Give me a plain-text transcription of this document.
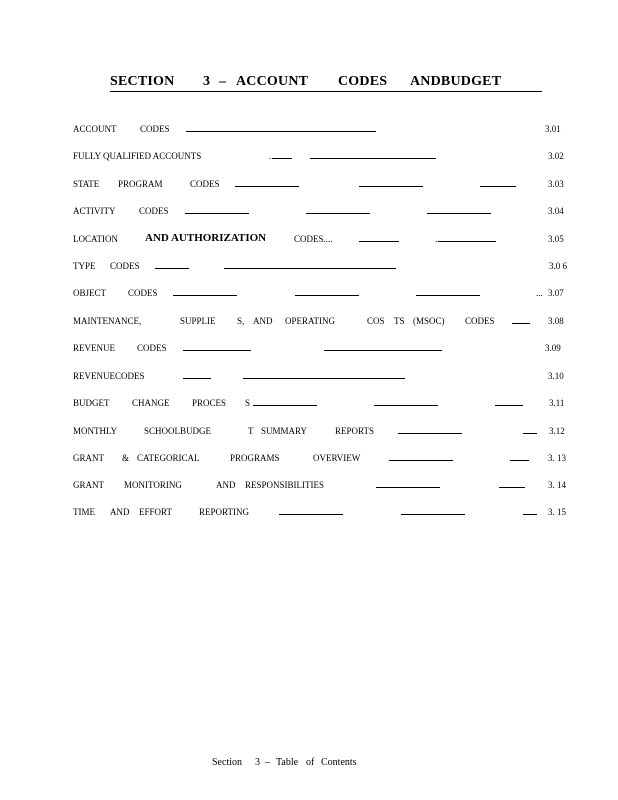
SECTION 3 – ACCOUNT CODES ANDBUDGET

ACCOUNT	CODES	3.01
FULLY QUALIFIED ACCOUNTS	.	3.02
STATE PROGRAM	CODES	3.03
ACTIVITY	CODES	3.04
LOCATION AND AUTHORIZATION	CODES....	.	3.05
TYPE CODES	3.0 6
OBJECT CODES	... 3.07
MAINTENANCE,	SUPPLIE S, AND OPERATING	COS TS (MSOC) CODES	3.08
REVENUE CODES	3.09
REVENUECODES	3.10
BUDGET	CHANGE	PROCES S	3.11
MONTHLY	SCHOOLBUDGE	T SUMMARY	REPORTS	3.12
GRANT & CATEGORICAL	PROGRAMS	OVERVIEW	3. 13
GRANT MONITORING	AND RESPONSIBILITIES	3. 14
TIME AND EFFORT	REPORTING	3. 15
Section 3 – Table of Contents
